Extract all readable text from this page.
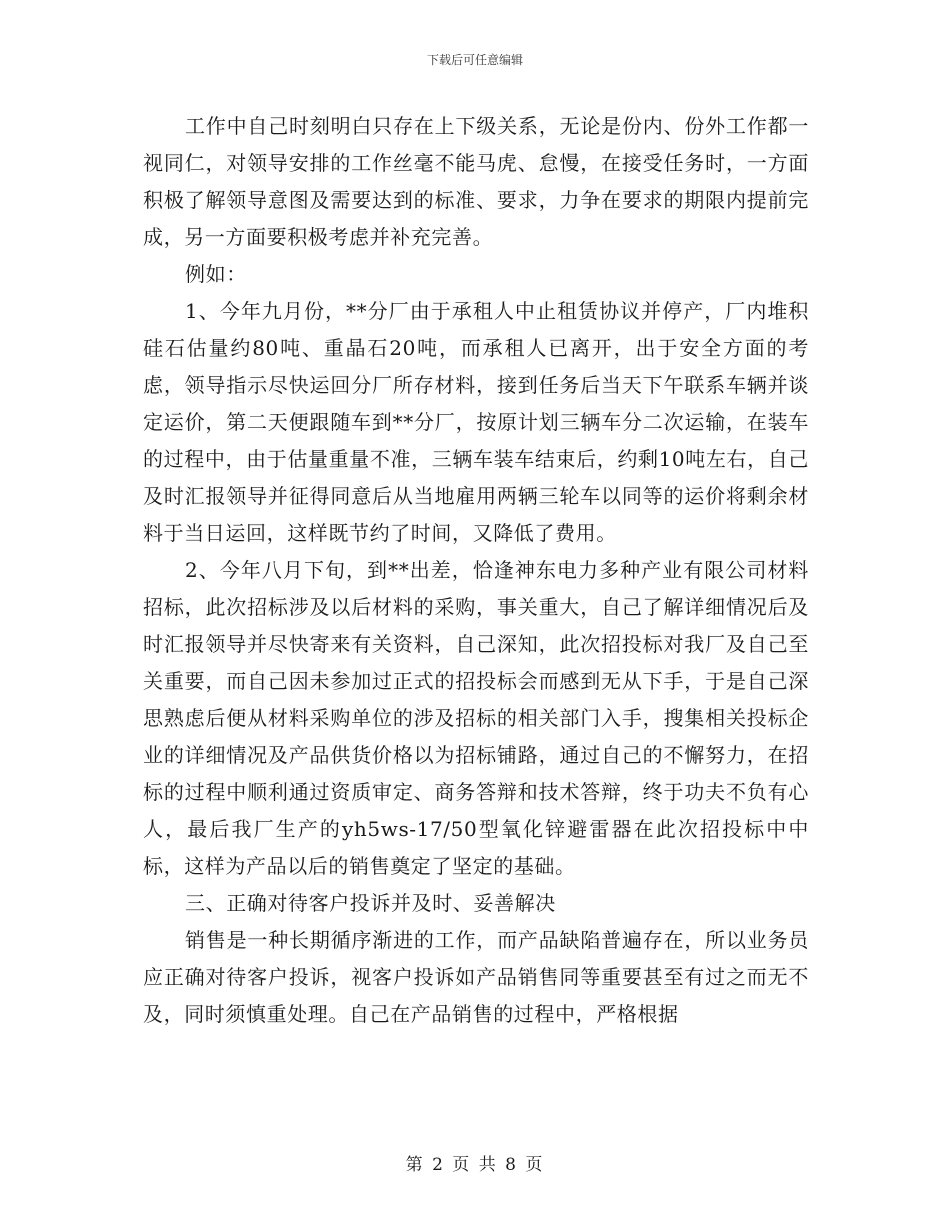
下载后可任意编辑

工作中自己时刻明白只存在上下级关系，无论是份内、份外工作都一视同仁，对领导安排的工作丝毫不能马虎、怠慢，在接受任务时，一方面积极了解领导意图及需要达到的标准、要求，力争在要求的期限内提前完成，另一方面要积极考虑并补充完善。

例如：

1、今年九月份，**分厂由于承租人中止租赁协议并停产，厂内堆积硅石估量约80吨、重晶石20吨，而承租人已离开，出于安全方面的考虑，领导指示尽快运回分厂所存材料，接到任务后当天下午联系车辆并谈定运价，第二天便跟随车到**分厂，按原计划三辆车分二次运输，在装车的过程中，由于估量重量不准，三辆车装车结束后，约剩10吨左右，自己及时汇报领导并征得同意后从当地雇用两辆三轮车以同等的运价将剩余材料于当日运回，这样既节约了时间，又降低了费用。

2、今年八月下旬，到**出差，恰逢神东电力多种产业有限公司材料招标，此次招标涉及以后材料的采购，事关重大，自己了解详细情况后及时汇报领导并尽快寄来有关资料，自己深知，此次招投标对我厂及自己至关重要，而自己因未参加过正式的招投标会而感到无从下手，于是自己深思熟虑后便从材料采购单位的涉及招标的相关部门入手，搜集相关投标企业的详细情况及产品供货价格以为招标铺路，通过自己的不懈努力，在招标的过程中顺利通过资质审定、商务答辩和技术答辩，终于功夫不负有心人，最后我厂生产的yh5ws-17/50型氧化锌避雷器在此次招投标中中标，这样为产品以后的销售奠定了坚定的基础。

三、正确对待客户投诉并及时、妥善解决

销售是一种长期循序渐进的工作，而产品缺陷普遍存在，所以业务员应正确对待客户投诉，视客户投诉如产品销售同等重要甚至有过之而无不及，同时须慎重处理。自己在产品销售的过程中，严格根据

第 2 页 共 8 页
